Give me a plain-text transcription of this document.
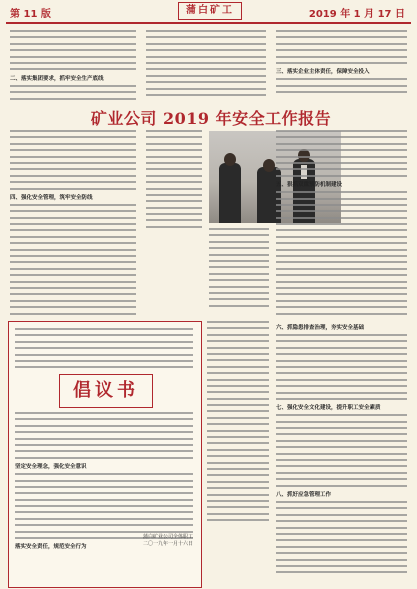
第 11 版	蒲白矿工	2019 年 1 月 17 日
二、落实集团要求，抓牢安全生产底线
三、落实企业主体责任，保障安全投入
矿业公司 2019 年安全工作报告
四、强化安全管理，筑牢安全防线
五、狠抓双重预防机制建设
倡议书
坚定安全理念，强化安全意识
落实安全责任，规范安全行为

蒲白矿业公司全体职工

二〇一九年一月十六日

六、抓隐患排查治理，夯实安全基础
七、强化安全文化建设，提升职工安全素质
八、抓好应急管理工作
